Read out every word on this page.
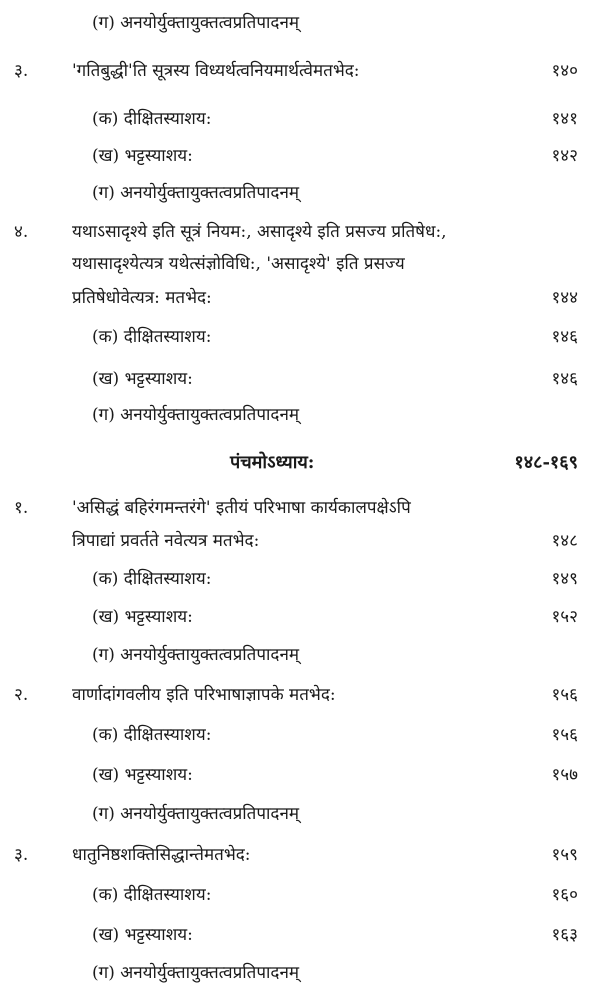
(ग) अनयोर्युक्तायुक्तत्वप्रतिपादनम्
३.	'गतिबुद्धी'ति सूत्रस्य विध्यर्थत्वनियमार्थत्वेमतभेद:	१४०
(क) दीक्षितस्याशय:	१४१
(ख) भट्टस्याशय:	१४२
(ग) अनयोर्युक्तायुक्तत्वप्रतिपादनम्
४.	यथाऽसादृश्ये इति सूत्रं नियम:, असादृश्ये इति प्रसज्य प्रतिषेध:,
यथासादृश्येत्यत्र यथेत्संज्ञोविधि:, 'असादृश्ये' इति प्रसज्य
प्रतिषेधोवेत्यत्र: मतभेद:	१४४
(क) दीक्षितस्याशय:	१४६
(ख) भट्टस्याशय:	१४६
(ग) अनयोर्युक्तायुक्तत्वप्रतिपादनम्
पंचमोऽध्याय:	१४८-१६९
१.	'असिद्धं बहिरंगमन्तरंगे' इतीयं परिभाषा कार्यकालपक्षेऽपि
त्रिपाद्यां प्रवर्तते नवेत्यत्र मतभेद:	१४८
(क) दीक्षितस्याशय:	१४९
(ख) भट्टस्याशय:	१५२
(ग) अनयोर्युक्तायुक्तत्वप्रतिपादनम्
२.	वार्णादांगवलीय इति परिभाषाज्ञापके मतभेद:	१५६
(क) दीक्षितस्याशय:	१५६
(ख) भट्टस्याशय:	१५७
(ग) अनयोर्युक्तायुक्तत्वप्रतिपादनम्
३.	धातुनिष्ठशक्तिसिद्धान्तेमतभेद:	१५९
(क) दीक्षितस्याशय:	१६०
(ख) भट्टस्याशय:	१६३
(ग) अनयोर्युक्तायुक्तत्वप्रतिपादनम्
